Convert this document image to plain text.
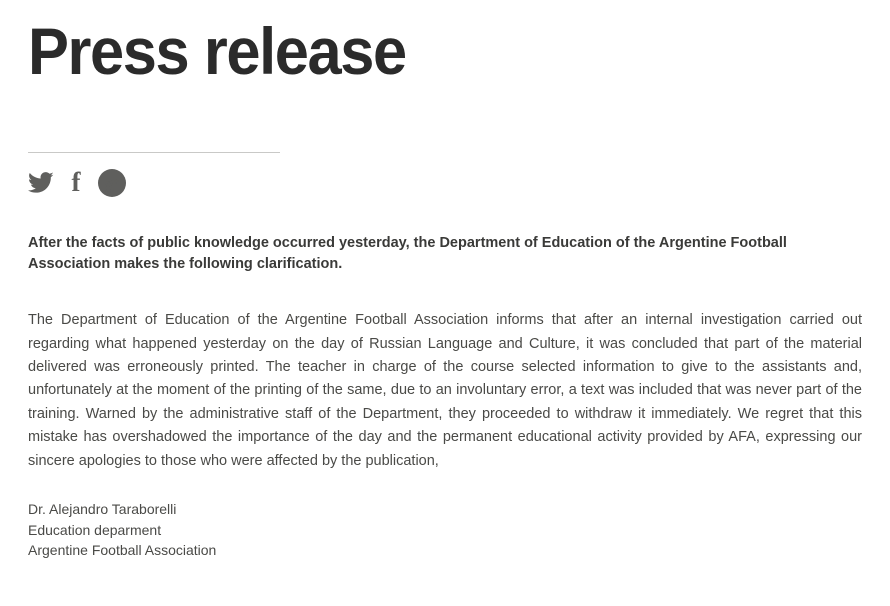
Press release
f g +

After the facts of public knowledge occurred yesterday, the Department of Education of the Argentine Football Association makes the following clarification.

The Department of Education of the Argentine Football Association informs that after an internal investigation carried out regarding what happened yesterday on the day of Russian Language and Culture, it was concluded that part of the material delivered was erroneously printed. The teacher in charge of the course selected information to give to the assistants and, unfortunately at the moment of the printing of the same, due to an involuntary error, a text was included that was never part of the training. Warned by the administrative staff of the Department, they proceeded to withdraw it immediately. We regret that this mistake has overshadowed the importance of the day and the permanent educational activity provided by AFA, expressing our sincere apologies to those who were affected by the publication,

Dr. Alejandro Taraborelli
Education deparment
Argentine Football Association
